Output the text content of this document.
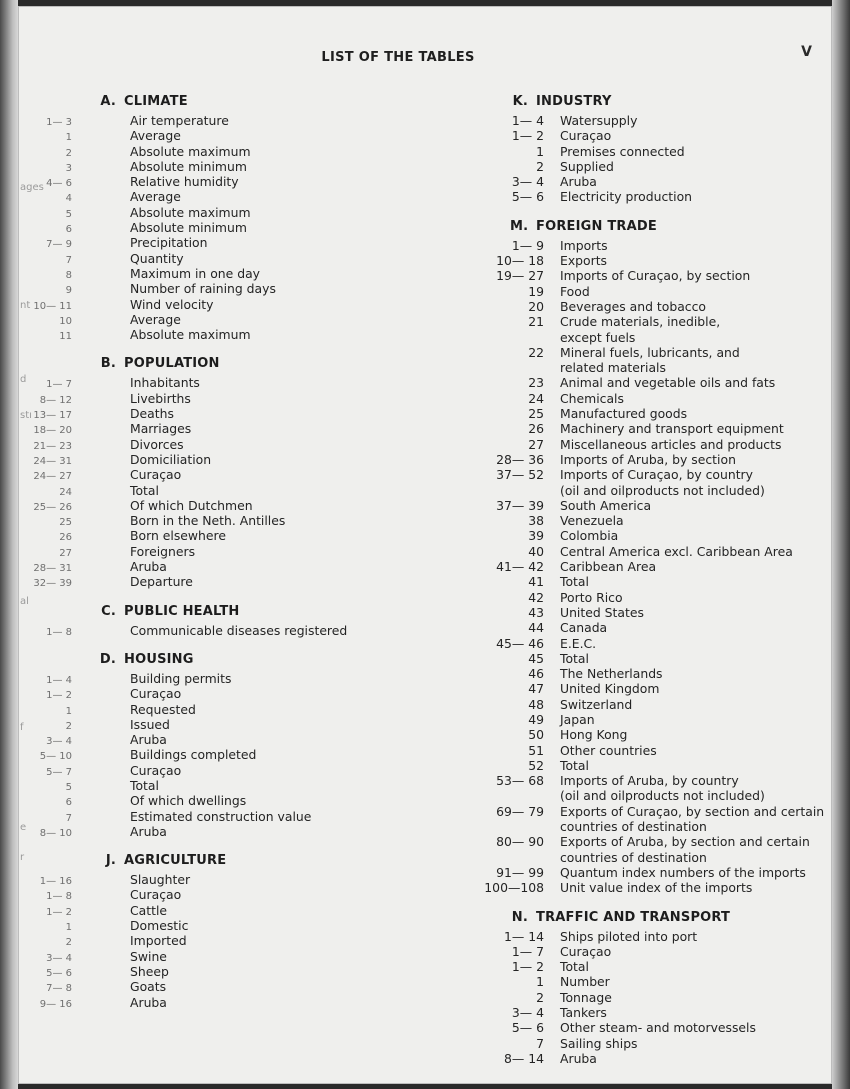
ages
nt
d
stı
al
f
e
r
LIST OF THE TABLES	V
A. CLIMATE
1— 3	Air temperature
1	Average
2	Absolute maximum
3	Absolute minimum
4— 6	Relative humidity
4	Average
5	Absolute maximum
6	Absolute minimum
7— 9	Precipitation
7	Quantity
8	Maximum in one day
9	Number of raining days
10— 11	Wind velocity
10	Average
11	Absolute maximum
B. POPULATION
1— 7	Inhabitants
8— 12	Livebirths
13— 17	Deaths
18— 20	Marriages
21— 23	Divorces
24— 31	Domiciliation
24— 27	Curaçao
24	Total
25— 26	Of which Dutchmen
25	Born in the Neth. Antilles
26	Born elsewhere
27	Foreigners
28— 31	Aruba
32— 39	Departure
C. PUBLIC HEALTH
1— 8	Communicable diseases registered
D. HOUSING
1— 4	Building permits
1— 2	Curaçao
1	Requested
2	Issued
3— 4	Aruba
5— 10	Buildings completed
5— 7	Curaçao
5	Total
6	Of which dwellings
7	Estimated construction value
8— 10	Aruba
J. AGRICULTURE
1— 16	Slaughter
1— 8	Curaçao
1— 2	Cattle
1	Domestic
2	Imported
3— 4	Swine
5— 6	Sheep
7— 8	Goats
9— 16	Aruba
K. INDUSTRY
1— 4 Watersupply
1— 2 Curaçao
1 Premises connected
2 Supplied
3— 4 Aruba
5— 6 Electricity production
M. FOREIGN TRADE
1— 9 Imports
10— 18 Exports
19— 27 Imports of Curaçao, by section
19 Food
20 Beverages and tobacco
21 Crude materials, inedible,
except fuels
22 Mineral fuels, lubricants, and
related materials
23 Animal and vegetable oils and fats
24 Chemicals
25 Manufactured goods
26 Machinery and transport equipment
27 Miscellaneous articles and products
28— 36 Imports of Aruba, by section
37— 52 Imports of Curaçao, by country
(oil and oilproducts not included)
37— 39 South America
38 Venezuela
39 Colombia
40 Central America excl. Caribbean Area
41— 42 Caribbean Area
41 Total
42 Porto Rico
43 United States
44 Canada
45— 46 E.E.C.
45 Total
46 The Netherlands
47 United Kingdom
48 Switzerland
49 Japan
50 Hong Kong
51 Other countries
52 Total
53— 68 Imports of Aruba, by country
(oil and oilproducts not included)
69— 79 Exports of Curaçao, by section and certain
countries of destination
80— 90 Exports of Aruba, by section and certain
countries of destination
91— 99 Quantum index numbers of the imports
100—108 Unit value index of the imports
N. TRAFFIC AND TRANSPORT
1— 14 Ships piloted into port
1— 7 Curaçao
1— 2 Total
1 Number
2 Tonnage
3— 4 Tankers
5— 6 Other steam- and motorvessels
7 Sailing ships
8— 14 Aruba
